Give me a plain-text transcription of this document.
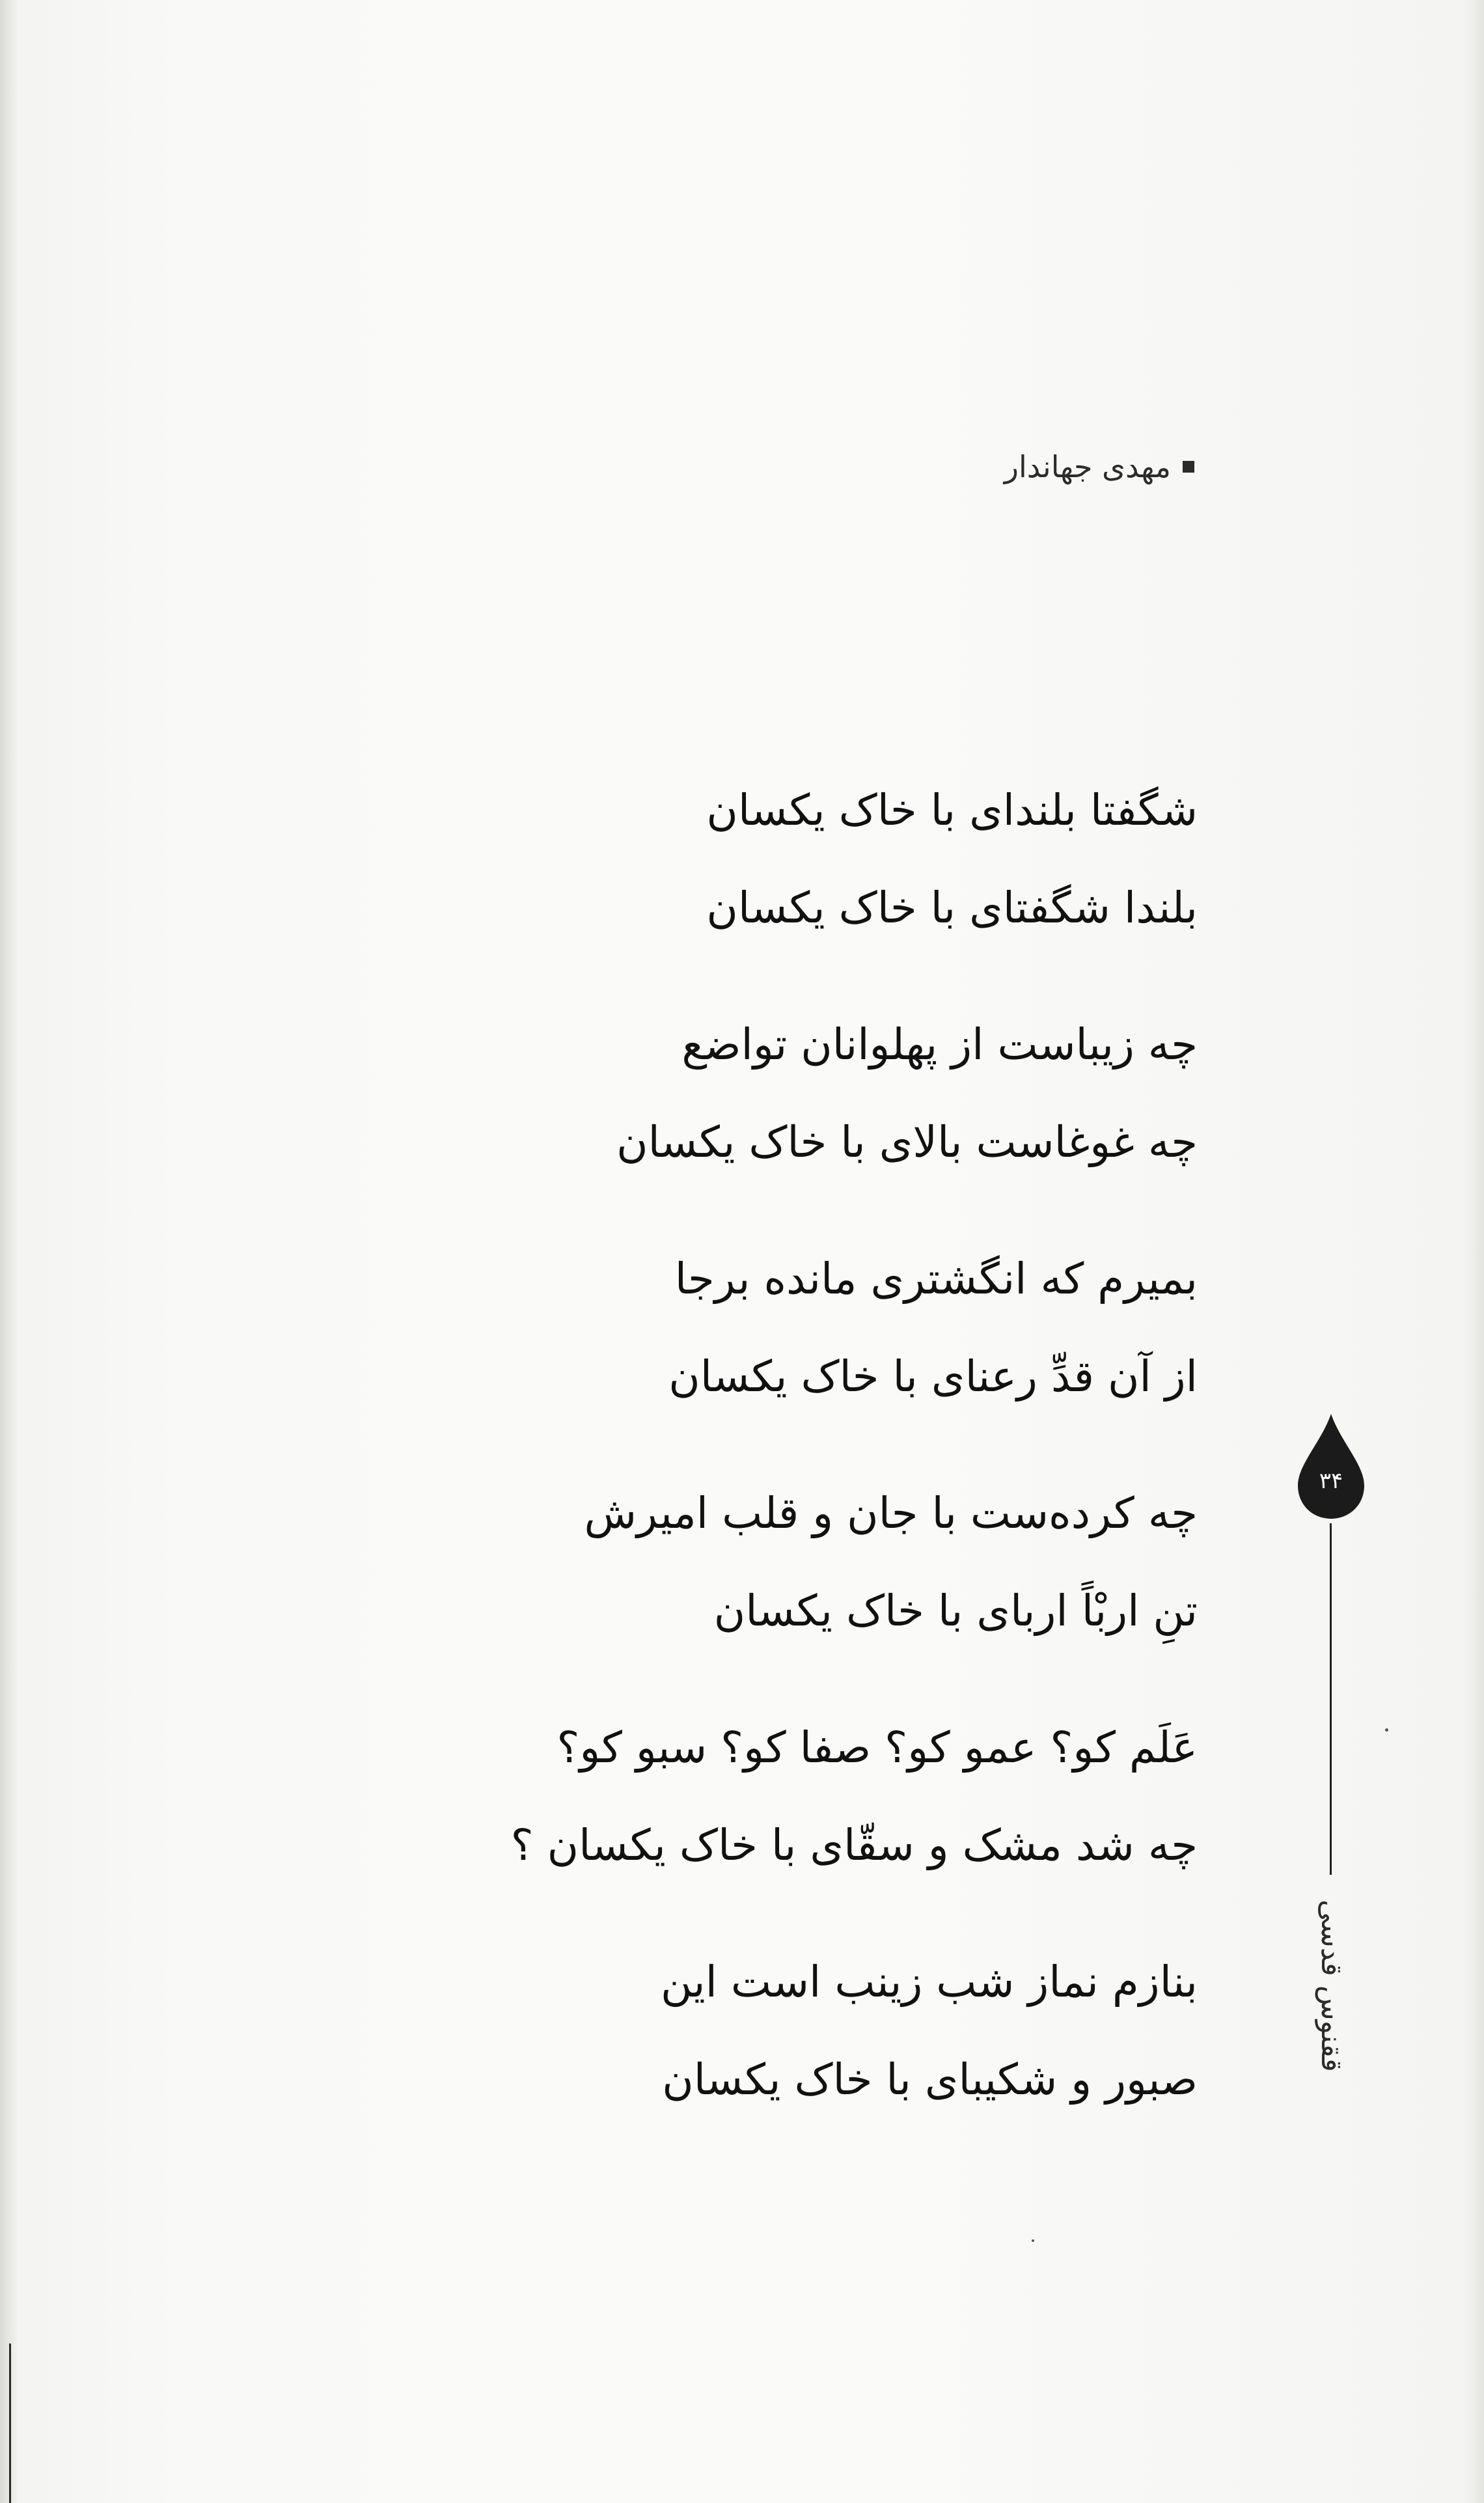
مهدی جهاندار
شگفتا بلندای با خاک یکسان
بلندا شگفتای با خاک یکسان
چه زیباست از پهلوانان تواضع
چه غوغاست بالای با خاک یکسان
بمیرم که انگشتری مانده برجا
از آن قدِّ رعنای با خاک یکسان
چه کرده‌ست با جان و قلب امیرش
تنِ اربْاً اربای با خاک یکسان
عَلَم کو؟ عمو کو؟ صفا کو؟ سبو کو؟
چه شد مشک و سقّای با خاک یکسان ؟
بنازم نماز شب زینب است این
صبور و شکیبای با خاک یکسان
۳۴
ققنوس قدسی
